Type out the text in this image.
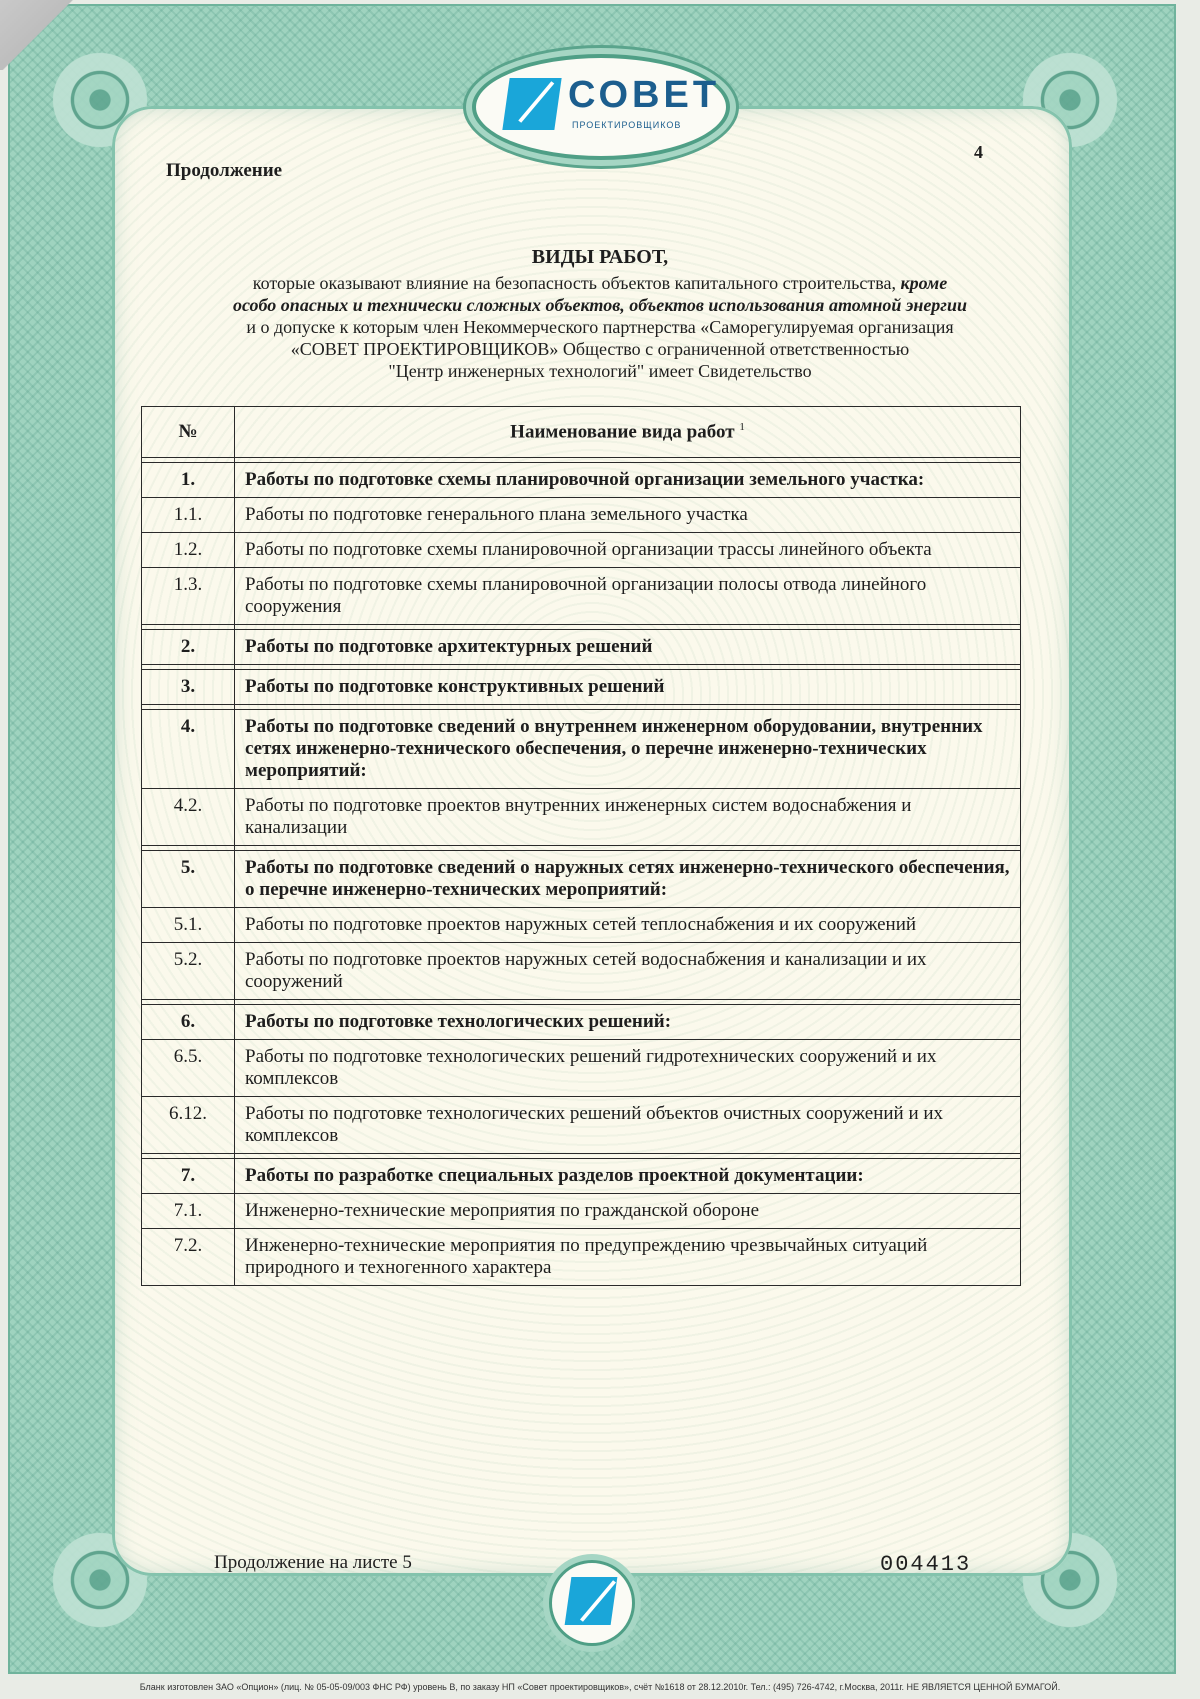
СОВЕТ
ПРОЕКТИРОВЩИКОВ
Продолжение
4
ВИДЫ РАБОТ,
которые оказывают влияние на безопасность объектов капитального строительства, кроме
особо опасных и технически сложных объектов, объектов использования атомной энергии
и о допуске к которым член Некоммерческого партнерства «Саморегулируемая организация
«СОВЕТ ПРОЕКТИРОВЩИКОВ» Общество с ограниченной ответственностью
"Центр инженерных технологий" имеет Свидетельство
№	Наименование вида работ $^1$

1.	Работы по подготовке схемы планировочной организации земельного участка:
1.1.	Работы по подготовке генерального плана земельного участка
1.2.	Работы по подготовке схемы планировочной организации трассы линейного объекта
1.3.	Работы по подготовке схемы планировочной организации полосы отвода линейного сооружения

2.	Работы по подготовке архитектурных решений

3.	Работы по подготовке конструктивных решений

4.	Работы по подготовке сведений о внутреннем инженерном оборудовании, внутренних сетях инженерно-технического обеспечения, о перечне инженерно-технических мероприятий:
4.2.	Работы по подготовке проектов внутренних инженерных систем водоснабжения и канализации

5.	Работы по подготовке сведений о наружных сетях инженерно-технического обеспечения, о перечне инженерно-технических мероприятий:
5.1.	Работы по подготовке проектов наружных сетей теплоснабжения и их сооружений
5.2.	Работы по подготовке проектов наружных сетей водоснабжения и канализации и их сооружений

6.	Работы по подготовке технологических решений:
6.5.	Работы по подготовке технологических решений гидротехнических сооружений и их комплексов
6.12.	Работы по подготовке технологических решений объектов очистных сооружений и их комплексов

7.	Работы по разработке специальных разделов проектной документации:
7.1.	Инженерно-технические мероприятия по гражданской обороне
7.2.	Инженерно-технические мероприятия по предупреждению чрезвычайных ситуаций природного и техногенного характера
Продолжение на листе 5	004413
Бланк изготовлен ЗАО «Опцион» (лиц. № 05-05-09/003 ФНС РФ) уровень В, по заказу НП «Совет проектировщиков», счёт №1618 от 28.12.2010г. Тел.: (495) 726-4742, г.Москва, 2011г. НЕ ЯВЛЯЕТСЯ ЦЕННОЙ БУМАГОЙ.
